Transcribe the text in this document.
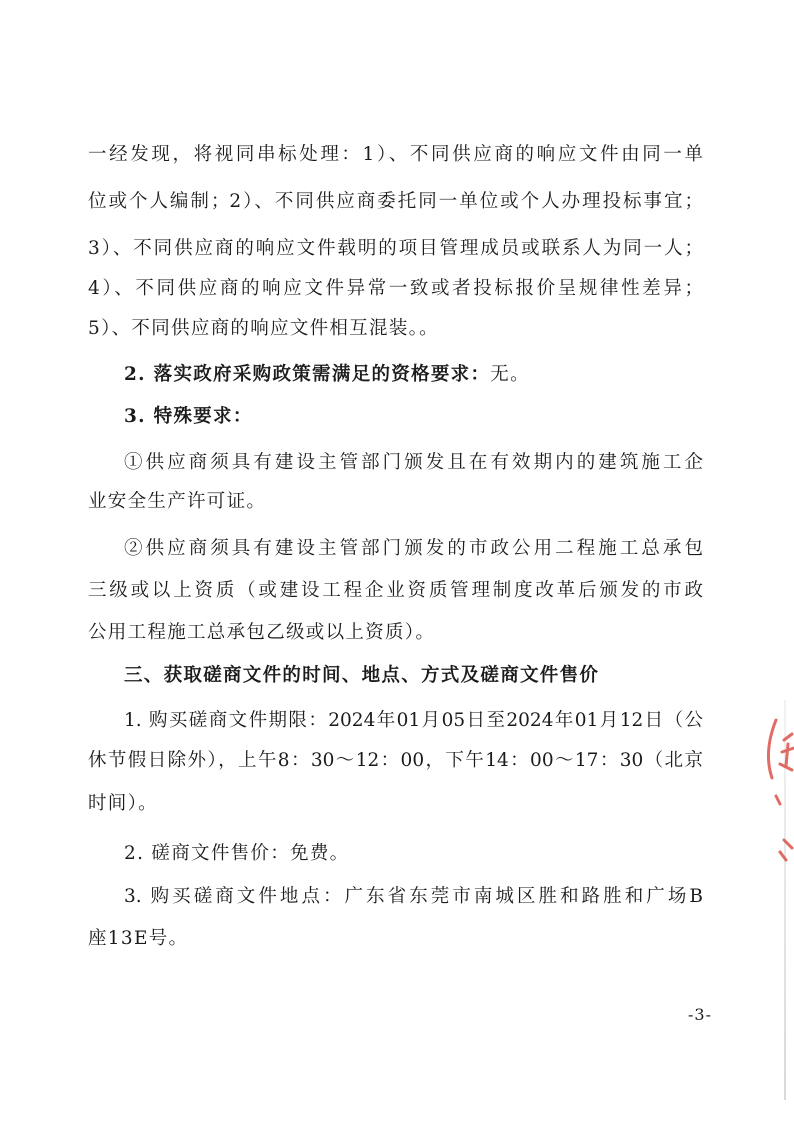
一经发现，将视同串标处理：1）、不同供应商的响应文件由同一单
位或个人编制；2）、不同供应商委托同一单位或个人办理投标事宜；
3）、不同供应商的响应文件载明的项目管理成员或联系人为同一人；
4）、不同供应商的响应文件异常一致或者投标报价呈规律性差异；
5）、不同供应商的响应文件相互混装。。
2. 落实政府采购政策需满足的资格要求：无。
3. 特殊要求：
①供应商须具有建设主管部门颁发且在有效期内的建筑施工企
业安全生产许可证。
②供应商须具有建设主管部门颁发的市政公用二程施工总承包
三级或以上资质（或建设工程企业资质管理制度改革后颁发的市政
公用工程施工总承包乙级或以上资质）。
三、获取磋商文件的时间、地点、方式及磋商文件售价
1. 购买磋商文件期限：2024年01月05日至2024年01月12日（公
休节假日除外），上午8：30～12：00，下午14：00～17：30（北京
时间）。
2. 磋商文件售价：免费。
3. 购买磋商文件地点：广东省东莞市南城区胜和路胜和广场B
座13E号。
-3-
